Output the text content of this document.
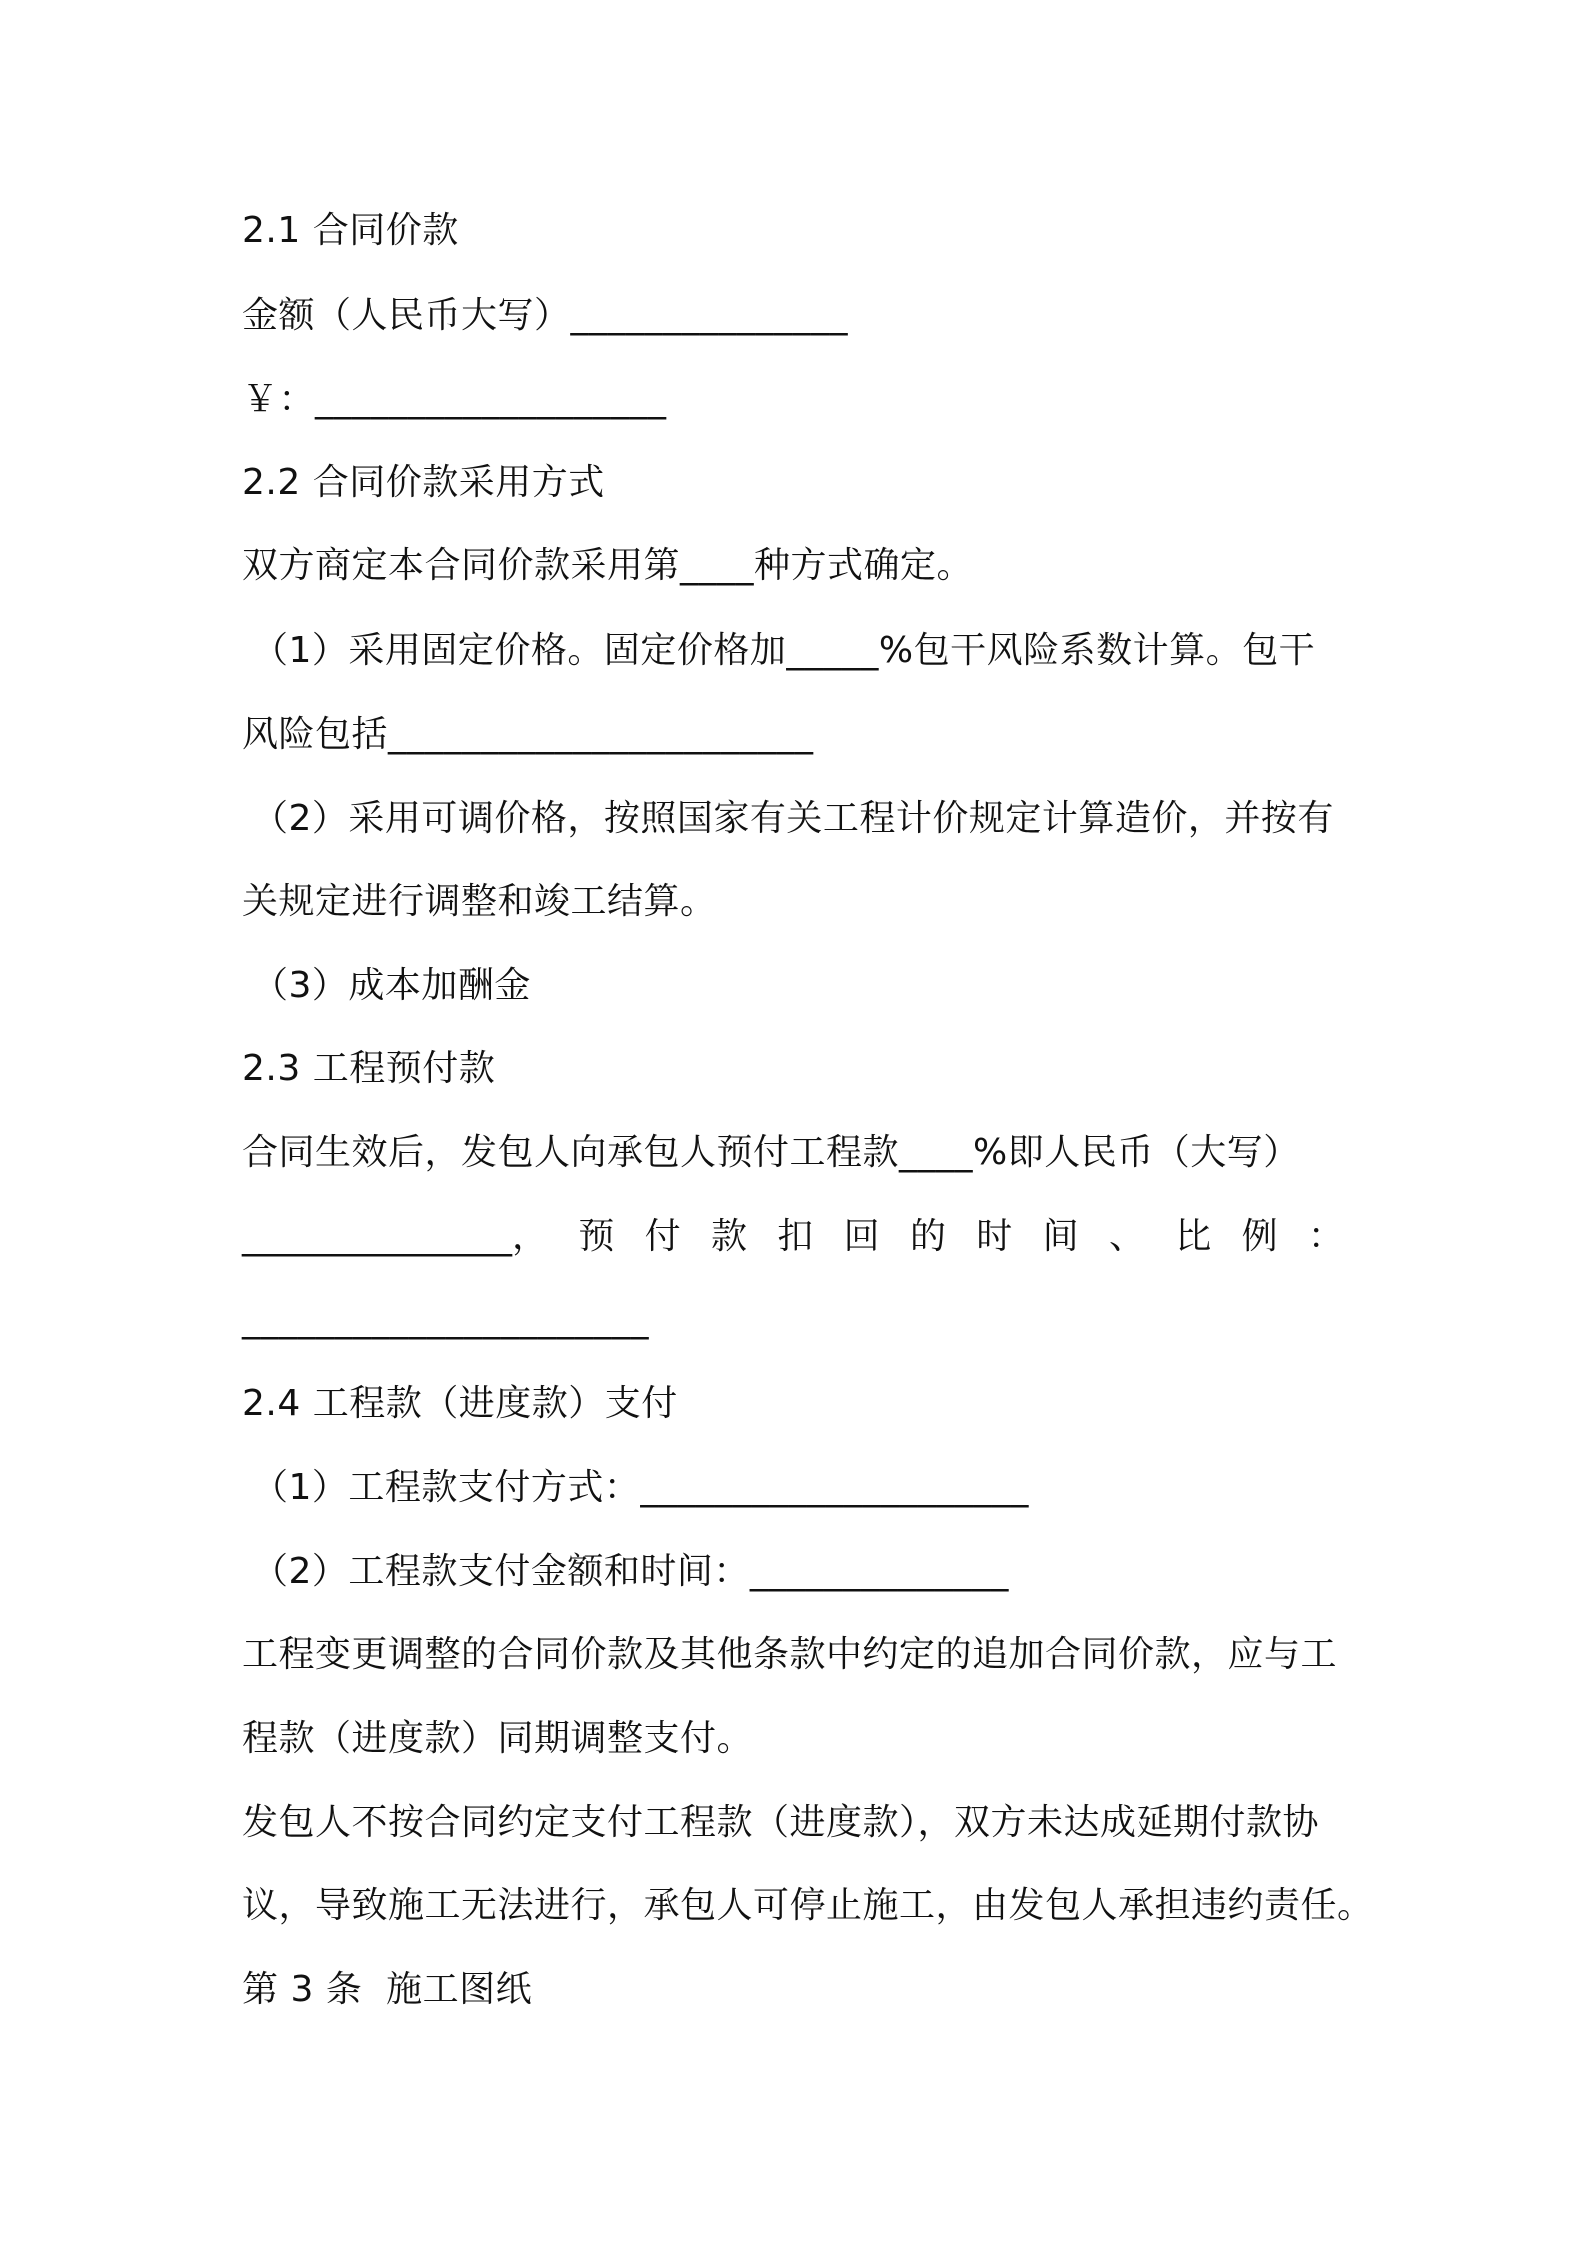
2.1 合同价款
金额（人民币大写）_______________
￥：___________________
2.2 合同价款采用方式
双方商定本合同价款采用第____种方式确定。
（1）采用固定价格。固定价格加_____%包干风险系数计算。包干
风险包括_______________________
（2）采用可调价格，按照国家有关工程计价规定计算造价，并按有
关规定进行调整和竣工结算。
（3）成本加酬金
2.3 工程预付款
合同生效后，发包人向承包人预付工程款____%即人民币（大写）
_______________， 预 付 款 扣 回 的 时 间 、 比 例 ：
______________________
2.4 工程款（进度款）支付
（1）工程款支付方式：_____________________
（2）工程款支付金额和时间：______________
工程变更调整的合同价款及其他条款中约定的追加合同价款，应与工
程款（进度款）同期调整支付。
发包人不按合同约定支付工程款（进度款），双方未达成延期付款协
议，导致施工无法进行，承包人可停止施工，由发包人承担违约责任。
第 3 条  施工图纸
